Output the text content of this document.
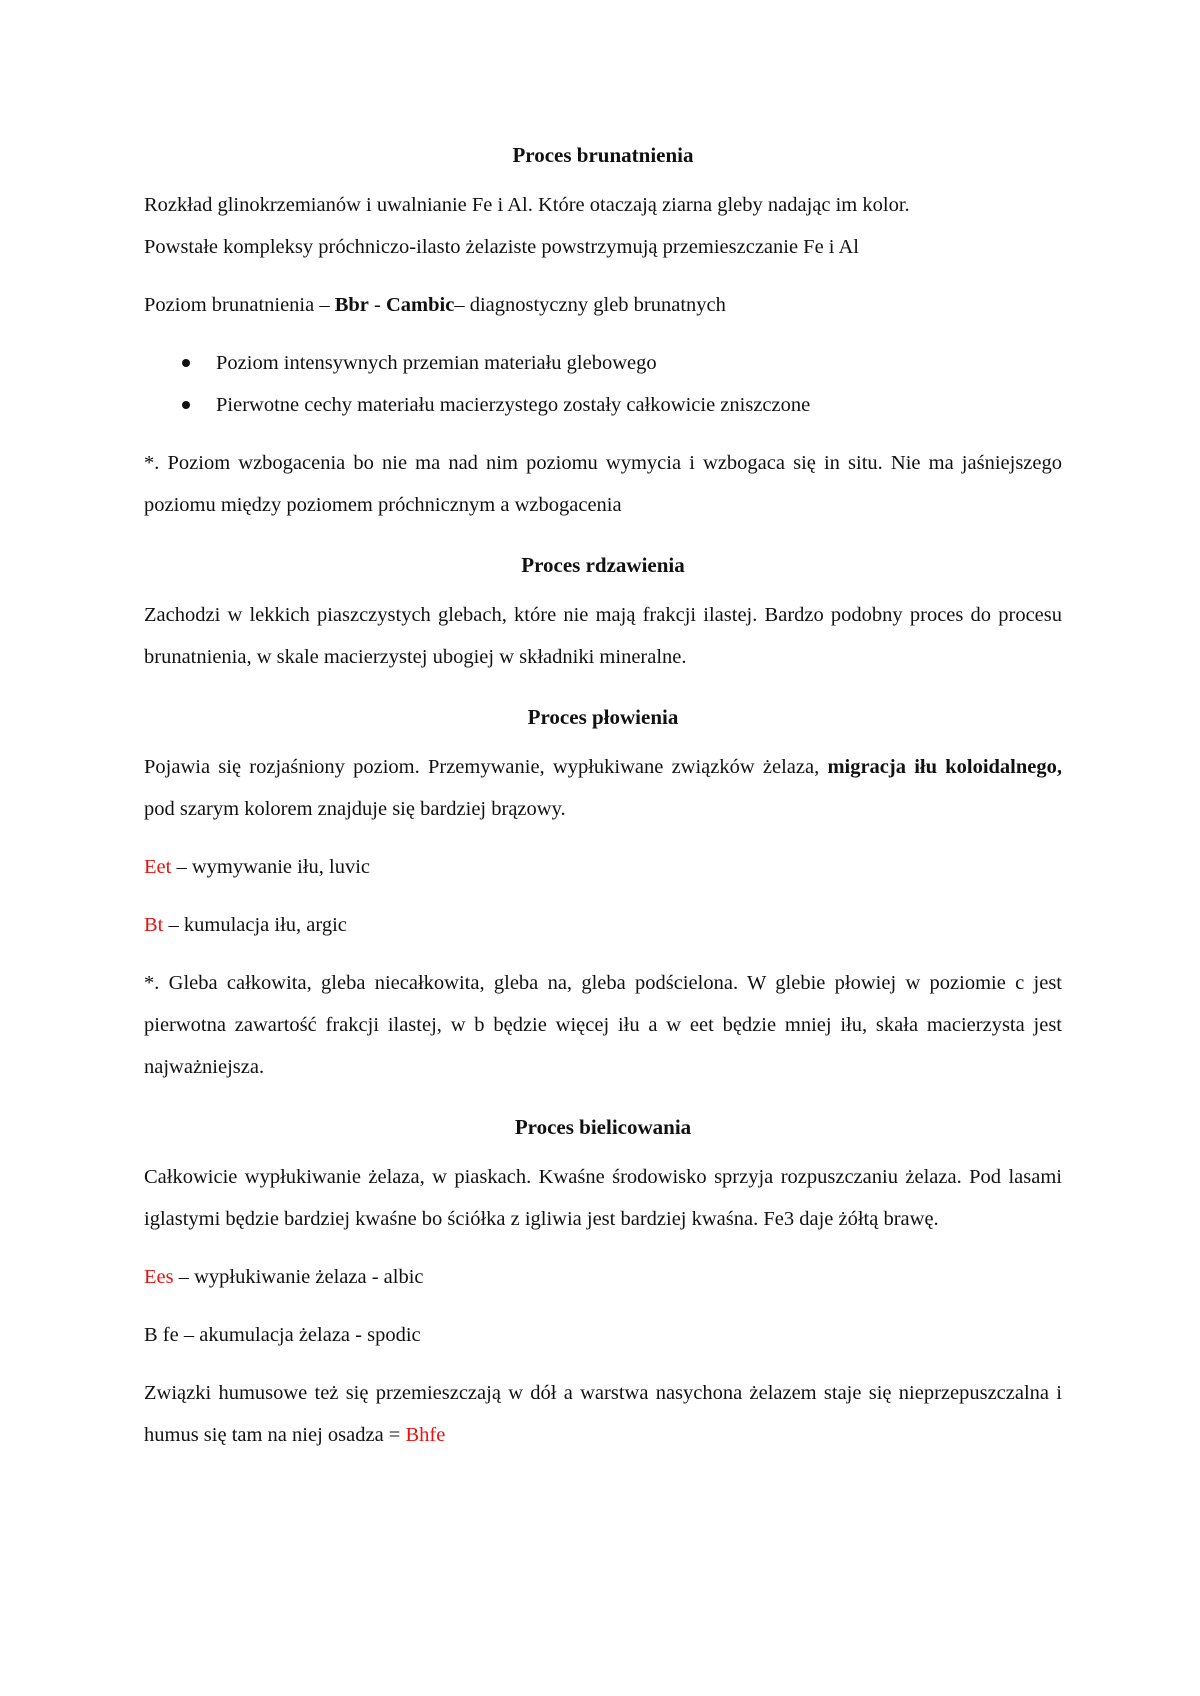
Proces brunatnienia

Rozkład glinokrzemianów i uwalnianie Fe i Al. Które otaczają ziarna gleby nadając im kolor.
Powstałe kompleksy próchniczo-ilasto żelaziste powstrzymują przemieszczanie Fe i Al

Poziom brunatnienia – Bbr - Cambic– diagnostyczny gleb brunatnych

Poziom intensywnych przemian materiału glebowego
Pierwotne cechy materiału macierzystego zostały całkowicie zniszczone

*. Poziom wzbogacenia bo nie ma nad nim poziomu wymycia i wzbogaca się in situ. Nie ma jaśniejszego poziomu między poziomem próchnicznym a wzbogacenia

Proces rdzawienia

Zachodzi w lekkich piaszczystych glebach, które nie mają frakcji ilastej. Bardzo podobny proces do procesu brunatnienia, w skale macierzystej ubogiej w składniki mineralne.

Proces płowienia

Pojawia się rozjaśniony poziom. Przemywanie, wypłukiwane związków żelaza, migracja iłu koloidalnego, pod szarym kolorem znajduje się bardziej brązowy.

Eet – wymywanie iłu, luvic

Bt – kumulacja iłu, argic

*. Gleba całkowita, gleba niecałkowita, gleba na, gleba podścielona. W glebie płowiej w poziomie c jest pierwotna zawartość frakcji ilastej, w b będzie więcej iłu a w eet będzie mniej iłu, skała macierzysta jest najważniejsza.

Proces bielicowania

Całkowicie wypłukiwanie żelaza, w piaskach. Kwaśne środowisko sprzyja rozpuszczaniu żelaza. Pod lasami iglastymi będzie bardziej kwaśne bo ściółka z igliwia jest bardziej kwaśna. Fe3 daje żółtą brawę.

Ees – wypłukiwanie żelaza - albic

B fe – akumulacja żelaza - spodic

Związki humusowe też się przemieszczają w dół a warstwa nasychona żelazem staje się nieprzepuszczalna i humus się tam na niej osadza = Bhfe
